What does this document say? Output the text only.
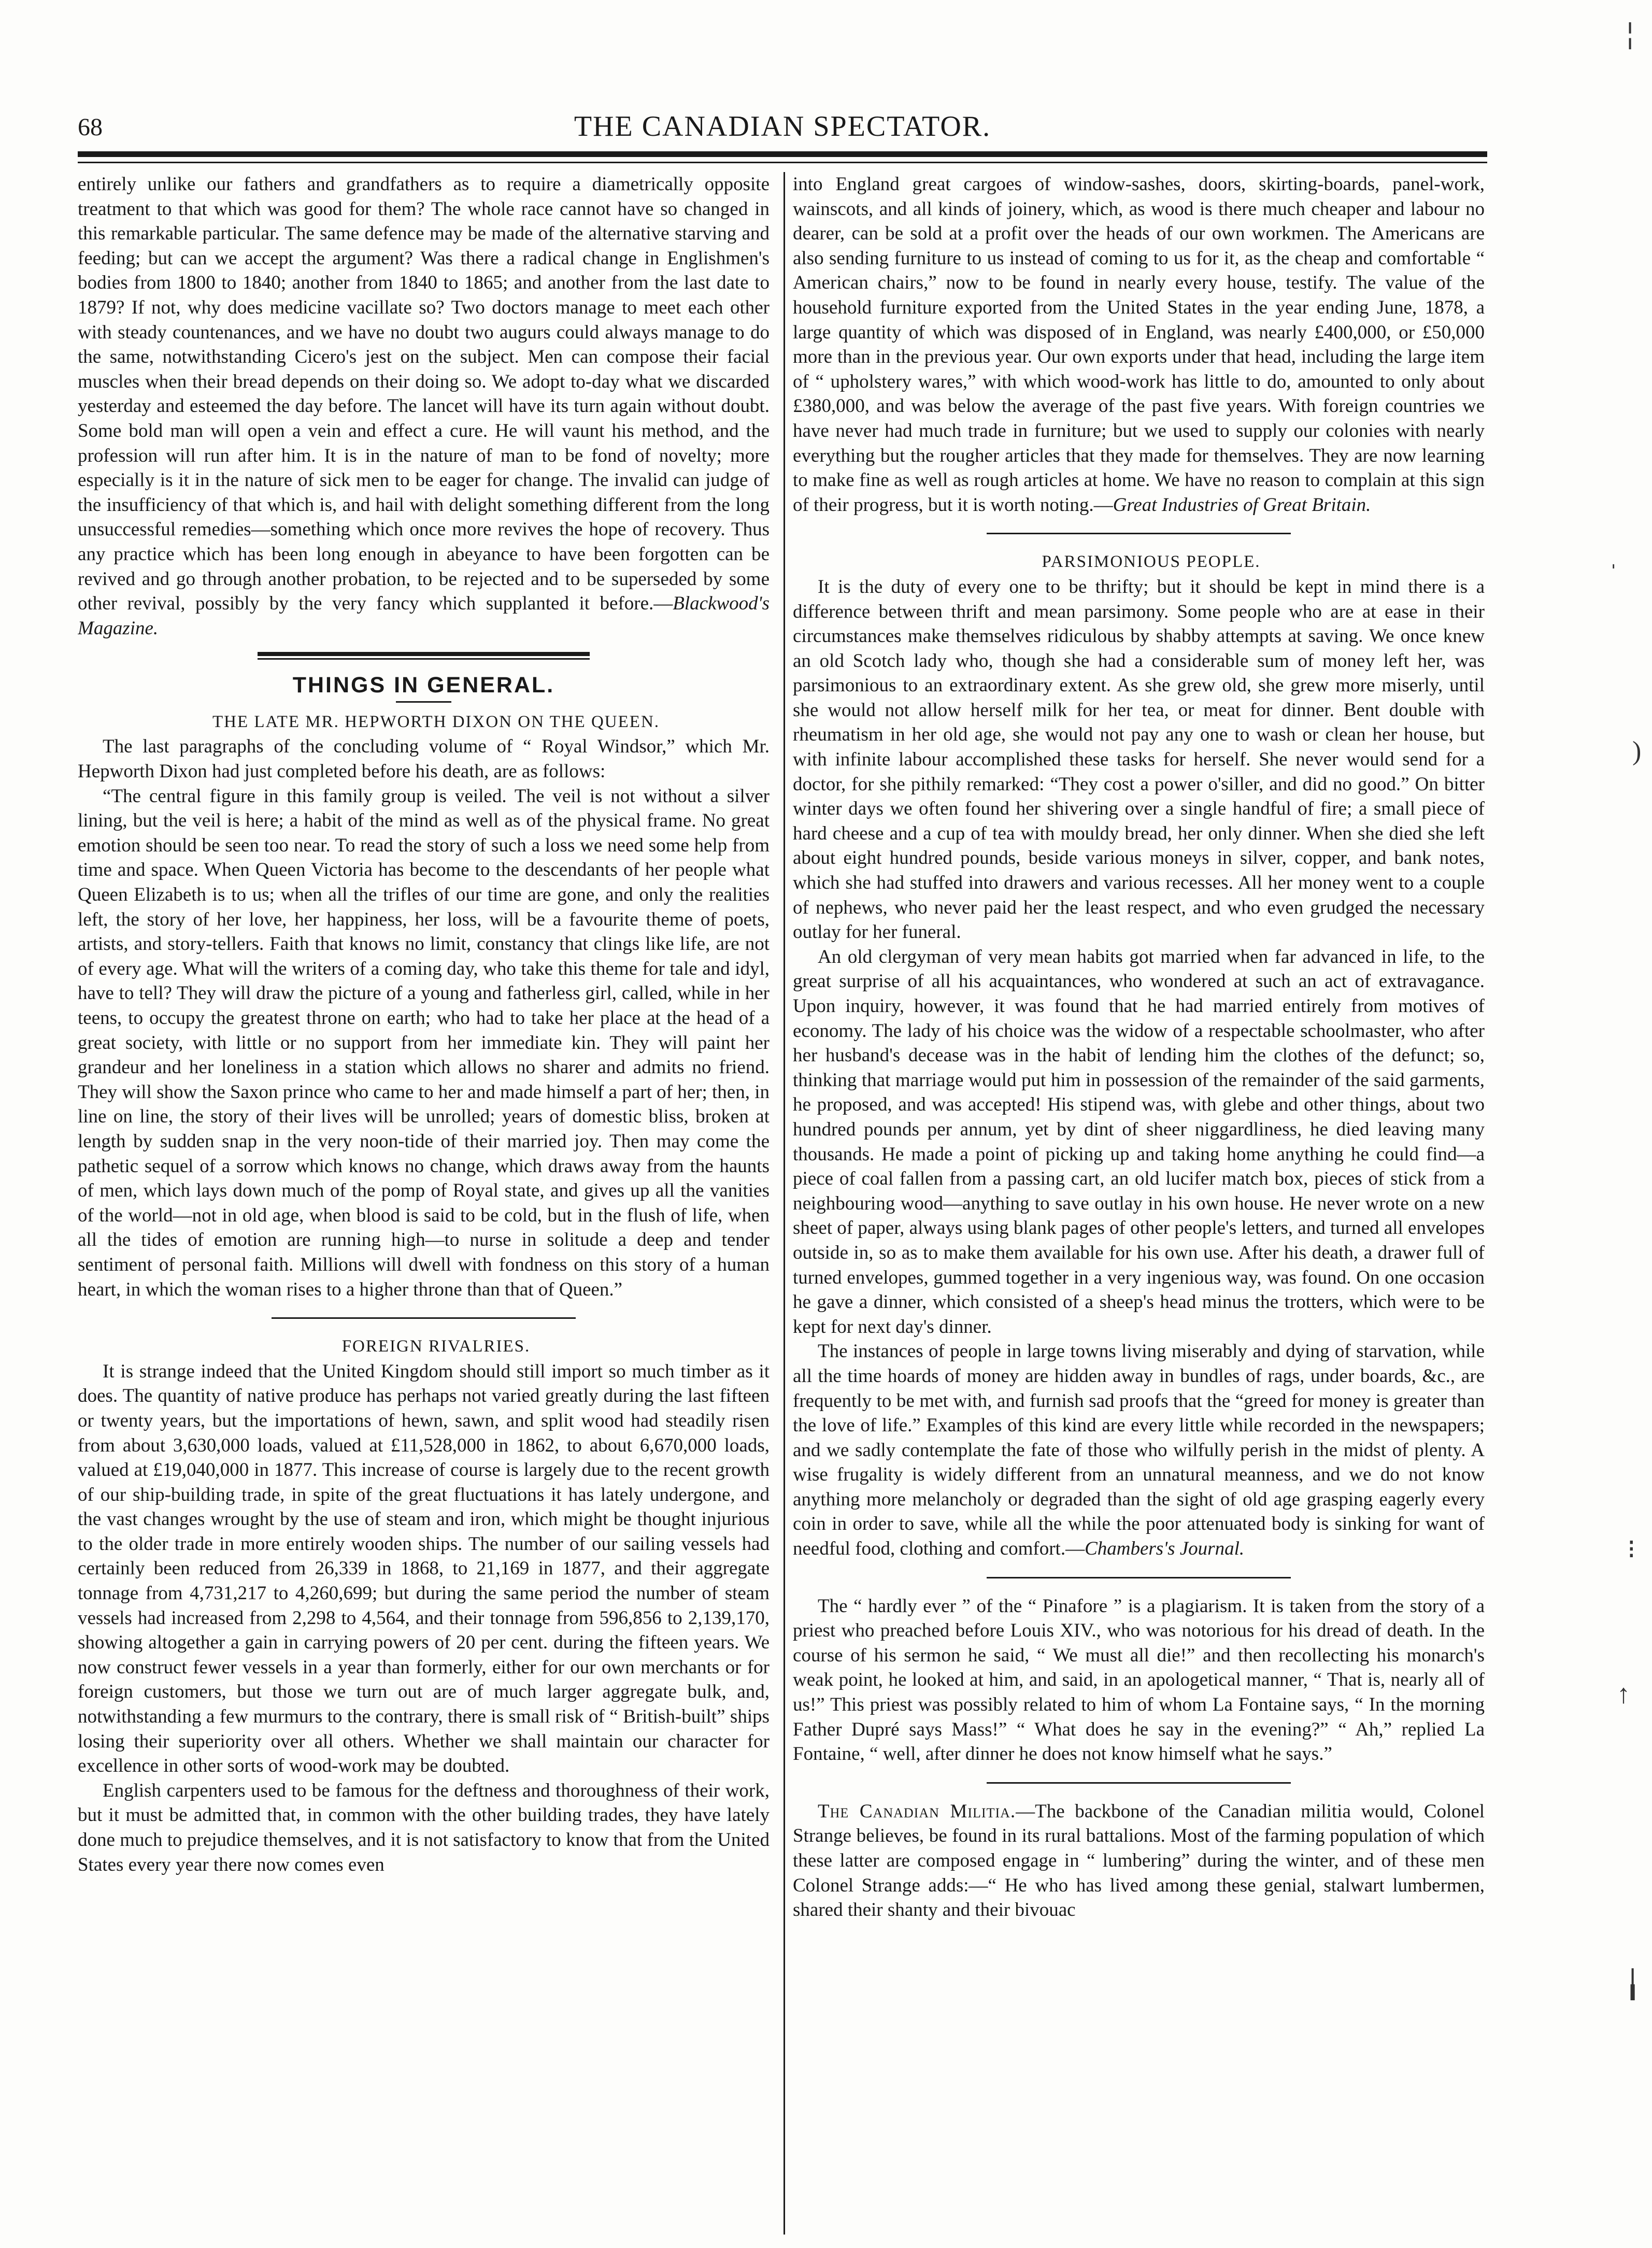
68	THE CANADIAN SPECTATOR.

entirely unlike our fathers and grandfathers as to require a diametrically opposite treatment to that which was good for them? The whole race cannot have so changed in this remarkable particular. The same defence may be made of the alternative starving and feeding; but can we accept the argument? Was there a radical change in Englishmen's bodies from 1800 to 1840; another from 1840 to 1865; and another from the last date to 1879? If not, why does medicine vacillate so? Two doctors manage to meet each other with steady countenances, and we have no doubt two augurs could always manage to do the same, notwithstanding Cicero's jest on the subject. Men can compose their facial muscles when their bread depends on their doing so. We adopt to-day what we discarded yesterday and esteemed the day before. The lancet will have its turn again without doubt. Some bold man will open a vein and effect a cure. He will vaunt his method, and the profession will run after him. It is in the nature of man to be fond of novelty; more especially is it in the nature of sick men to be eager for change. The invalid can judge of the insufficiency of that which is, and hail with delight something different from the long unsuccessful remedies—something which once more revives the hope of recovery. Thus any practice which has been long enough in abeyance to have been forgotten can be revived and go through another probation, to be rejected and to be superseded by some other revival, possibly by the very fancy which supplanted it before.—Blackwood's Magazine.

THINGS IN GENERAL.

THE LATE MR. HEPWORTH DIXON ON THE QUEEN.

The last paragraphs of the concluding volume of “ Royal Windsor,” which Mr. Hepworth Dixon had just completed before his death, are as follows:

“The central figure in this family group is veiled. The veil is not without a silver lining, but the veil is here; a habit of the mind as well as of the physical frame. No great emotion should be seen too near. To read the story of such a loss we need some help from time and space. When Queen Victoria has become to the descendants of her people what Queen Elizabeth is to us; when all the trifles of our time are gone, and only the realities left, the story of her love, her happiness, her loss, will be a favourite theme of poets, artists, and story-tellers. Faith that knows no limit, constancy that clings like life, are not of every age. What will the writers of a coming day, who take this theme for tale and idyl, have to tell? They will draw the picture of a young and fatherless girl, called, while in her teens, to occupy the greatest throne on earth; who had to take her place at the head of a great society, with little or no support from her immediate kin. They will paint her grandeur and her loneliness in a station which allows no sharer and admits no friend. They will show the Saxon prince who came to her and made himself a part of her; then, in line on line, the story of their lives will be unrolled; years of domestic bliss, broken at length by sudden snap in the very noon-tide of their married joy. Then may come the pathetic sequel of a sorrow which knows no change, which draws away from the haunts of men, which lays down much of the pomp of Royal state, and gives up all the vanities of the world—not in old age, when blood is said to be cold, but in the flush of life, when all the tides of emotion are running high—to nurse in solitude a deep and tender sentiment of personal faith. Millions will dwell with fondness on this story of a human heart, in which the woman rises to a higher throne than that of Queen.”

FOREIGN RIVALRIES.

It is strange indeed that the United Kingdom should still import so much timber as it does. The quantity of native produce has perhaps not varied greatly during the last fifteen or twenty years, but the importations of hewn, sawn, and split wood had steadily risen from about 3,630,000 loads, valued at £11,528,000 in 1862, to about 6,670,000 loads, valued at £19,040,000 in 1877. This increase of course is largely due to the recent growth of our ship-building trade, in spite of the great fluctuations it has lately undergone, and the vast changes wrought by the use of steam and iron, which might be thought injurious to the older trade in more entirely wooden ships. The number of our sailing vessels had certainly been reduced from 26,339 in 1868, to 21,169 in 1877, and their aggregate tonnage from 4,731,217 to 4,260,699; but during the same period the number of steam vessels had increased from 2,298 to 4,564, and their tonnage from 596,856 to 2,139,170, showing altogether a gain in carrying powers of 20 per cent. during the fifteen years. We now construct fewer vessels in a year than formerly, either for our own merchants or for foreign customers, but those we turn out are of much larger aggregate bulk, and, notwithstanding a few murmurs to the contrary, there is small risk of “ British-built” ships losing their superiority over all others. Whether we shall maintain our character for excellence in other sorts of wood-work may be doubted.

English carpenters used to be famous for the deftness and thoroughness of their work, but it must be admitted that, in common with the other building trades, they have lately done much to prejudice themselves, and it is not satisfactory to know that from the United States every year there now comes even

into England great cargoes of window-sashes, doors, skirting-boards, panel-work, wainscots, and all kinds of joinery, which, as wood is there much cheaper and labour no dearer, can be sold at a profit over the heads of our own workmen. The Americans are also sending furniture to us instead of coming to us for it, as the cheap and comfortable “ American chairs,” now to be found in nearly every house, testify. The value of the household furniture exported from the United States in the year ending June, 1878, a large quantity of which was disposed of in England, was nearly £400,000, or £50,000 more than in the previous year. Our own exports under that head, including the large item of “ upholstery wares,” with which wood-work has little to do, amounted to only about £380,000, and was below the average of the past five years. With foreign countries we have never had much trade in furniture; but we used to supply our colonies with nearly everything but the rougher articles that they made for themselves. They are now learning to make fine as well as rough articles at home. We have no reason to complain at this sign of their progress, but it is worth noting.—Great Industries of Great Britain.

PARSIMONIOUS PEOPLE.

It is the duty of every one to be thrifty; but it should be kept in mind there is a difference between thrift and mean parsimony. Some people who are at ease in their circumstances make themselves ridiculous by shabby attempts at saving. We once knew an old Scotch lady who, though she had a considerable sum of money left her, was parsimonious to an extraordinary extent. As she grew old, she grew more miserly, until she would not allow herself milk for her tea, or meat for dinner. Bent double with rheumatism in her old age, she would not pay any one to wash or clean her house, but with infinite labour accomplished these tasks for herself. She never would send for a doctor, for she pithily remarked: “They cost a power o'siller, and did no good.” On bitter winter days we often found her shivering over a single handful of fire; a small piece of hard cheese and a cup of tea with mouldy bread, her only dinner. When she died she left about eight hundred pounds, beside various moneys in silver, copper, and bank notes, which she had stuffed into drawers and various recesses. All her money went to a couple of nephews, who never paid her the least respect, and who even grudged the necessary outlay for her funeral.

An old clergyman of very mean habits got married when far advanced in life, to the great surprise of all his acquaintances, who wondered at such an act of extravagance. Upon inquiry, however, it was found that he had married entirely from motives of economy. The lady of his choice was the widow of a respectable schoolmaster, who after her husband's decease was in the habit of lending him the clothes of the defunct; so, thinking that marriage would put him in possession of the remainder of the said garments, he proposed, and was accepted! His stipend was, with glebe and other things, about two hundred pounds per annum, yet by dint of sheer niggardliness, he died leaving many thousands. He made a point of picking up and taking home anything he could find—a piece of coal fallen from a passing cart, an old lucifer match box, pieces of stick from a neighbouring wood—anything to save outlay in his own house. He never wrote on a new sheet of paper, always using blank pages of other people's letters, and turned all envelopes outside in, so as to make them available for his own use. After his death, a drawer full of turned envelopes, gummed together in a very ingenious way, was found. On one occasion he gave a dinner, which consisted of a sheep's head minus the trotters, which were to be kept for next day's dinner.

The instances of people in large towns living miserably and dying of starvation, while all the time hoards of money are hidden away in bundles of rags, under boards, &c., are frequently to be met with, and furnish sad proofs that the “greed for money is greater than the love of life.” Examples of this kind are every little while recorded in the newspapers; and we sadly contemplate the fate of those who wilfully perish in the midst of plenty. A wise frugality is widely different from an unnatural meanness, and we do not know anything more melancholy or degraded than the sight of old age grasping eagerly every coin in order to save, while all the while the poor attenuated body is sinking for want of needful food, clothing and comfort.—Chambers's Journal.

The “ hardly ever ” of the “ Pinafore ” is a plagiarism. It is taken from the story of a priest who preached before Louis XIV., who was notorious for his dread of death. In the course of his sermon he said, “ We must all die!” and then recollecting his monarch's weak point, he looked at him, and said, in an apologetical manner, “ That is, nearly all of us!” This priest was possibly related to him of whom La Fontaine says, “ In the morning Father Dupré says Mass!” “ What does he say in the evening?” “ Ah,” replied La Fontaine, “ well, after dinner he does not know himself what he says.”

The Canadian Militia.—The backbone of the Canadian militia would, Colonel Strange believes, be found in its rural battalions. Most of the farming population of which these latter are composed engage in “ lumbering” during the winter, and of these men Colonel Strange adds:—“ He who has lived among these genial, stalwart lumbermen, shared their shanty and their bivouac

╎
ˌ
)
⁝
↑
╽
